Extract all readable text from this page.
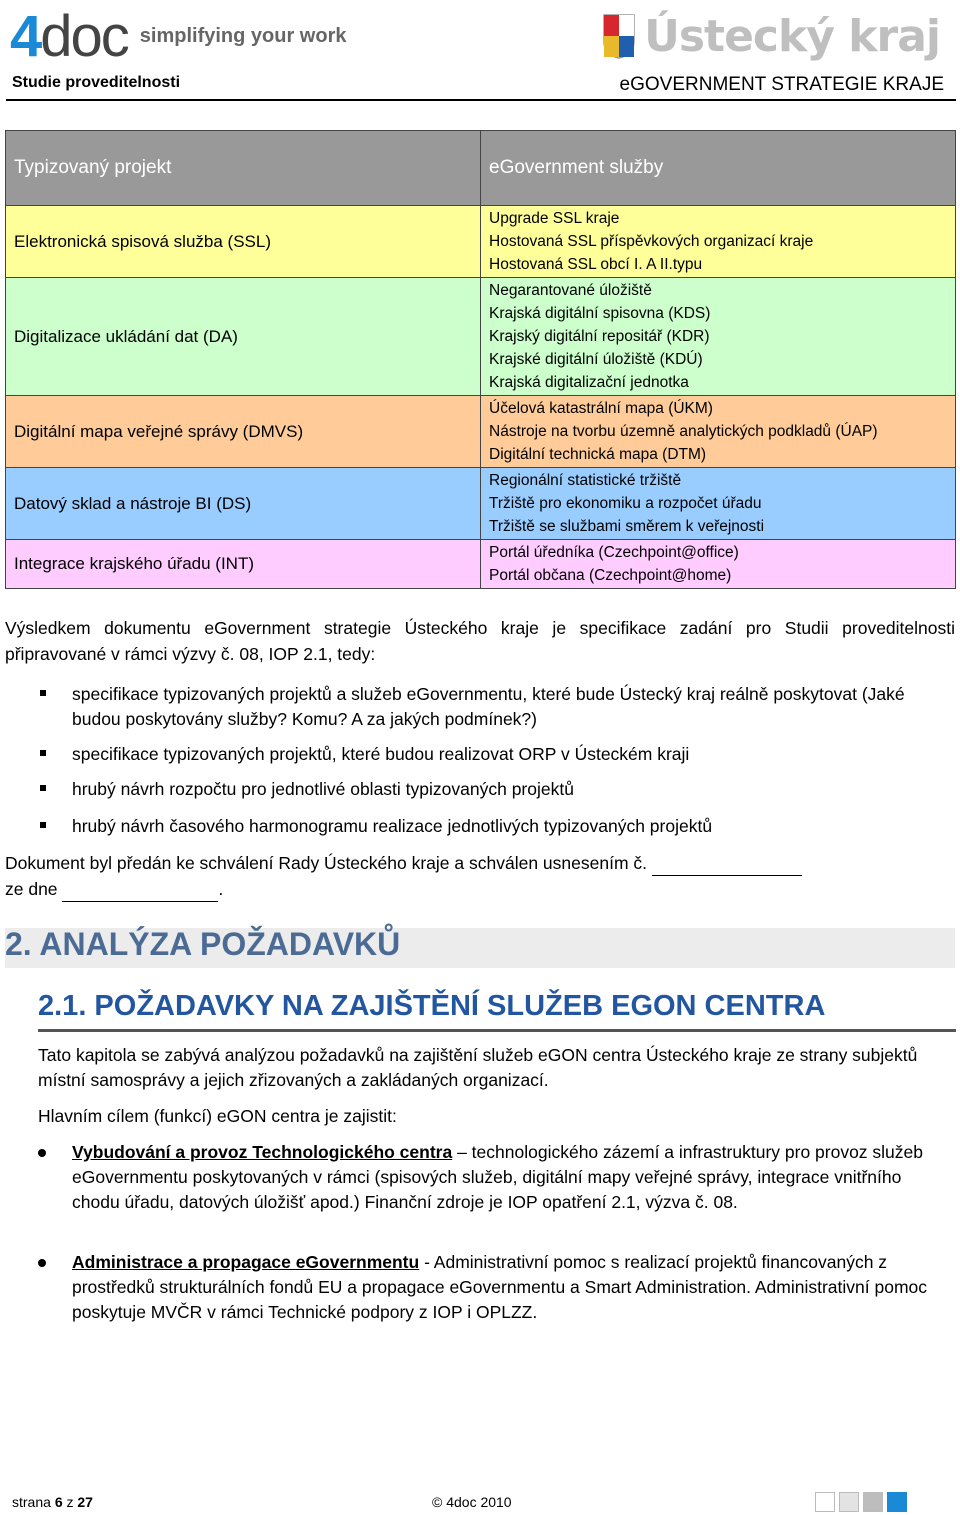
4doc simplifying your work	Ústecký kraj
Studie proveditelnosti	eGOVERNMENT STRATEGIE KRAJE
Typizovaný projekt	eGovernment služby
Elektronická spisová služba (SSL)	Upgrade SSL kraje
Hostovaná SSL příspěvkových organizací kraje
Hostovaná SSL obcí I. A II.typu

Digitalizace ukládání dat (DA)	Negarantované úložiště
Krajská digitální spisovna (KDS)
Krajský digitální repositář (KDR)
Krajské digitální úložiště (KDÚ)
Krajská digitalizační jednotka

Digitální mapa veřejné správy (DMVS)	Účelová katastrální mapa (ÚKM)
Nástroje na tvorbu územně analytických podkladů (ÚAP)
Digitální technická mapa (DTM)

Datový sklad a nástroje BI (DS)	Regionální statistické tržiště
Tržiště pro ekonomiku a rozpočet úřadu
Tržiště se službami směrem k veřejnosti

Integrace krajského úřadu (INT)	Portál úředníka (Czechpoint@office)
Portál občana (Czechpoint@home)
Výsledkem dokumentu eGovernment strategie Ústeckého kraje je specifikace zadání pro Studii proveditelnosti připravované v rámci výzvy č. 08, IOP 2.1, tedy:
specifikace typizovaných projektů a služeb eGovernmentu, které bude Ústecký kraj reálně poskytovat (Jaké budou poskytovány služby? Komu? A za jakých podmínek?)
specifikace typizovaných projektů, které budou realizovat ORP v Ústeckém kraji
hrubý návrh rozpočtu pro jednotlivé oblasti typizovaných projektů
hrubý návrh časového harmonogramu realizace jednotlivých typizovaných projektů
Dokument byl předán ke schválení Rady Ústeckého kraje a schválen usnesením č.
ze dne	.
2. ANALÝZA POŽADAVKŮ
2.1. POŽADAVKY NA ZAJIŠTĚNÍ SLUŽEB EGON CENTRA
Tato kapitola se zabývá analýzou požadavků na zajištění služeb eGON centra Ústeckého kraje ze strany subjektů místní samosprávy a jejich zřizovaných a zakládaných organizací.
Hlavním cílem (funkcí) eGON centra je zajistit:
Vybudování a provoz Technologického centra – technologického zázemí a infrastruktury pro provoz služeb eGovernmentu poskytovaných v rámci (spisových služeb, digitální mapy veřejné správy, integrace vnitřního chodu úřadu, datových úložišť apod.) Finanční zdroje je IOP opatření 2.1, výzva č. 08.
Administrace a propagace eGovernmentu - Administrativní pomoc s realizací projektů financovaných z prostředků strukturálních fondů EU a propagace eGovernmentu a Smart Administration. Administrativní pomoc poskytuje MVČR v rámci Technické podpory z IOP i OPLZZ.
strana 6 z 27	© 4doc 2010
